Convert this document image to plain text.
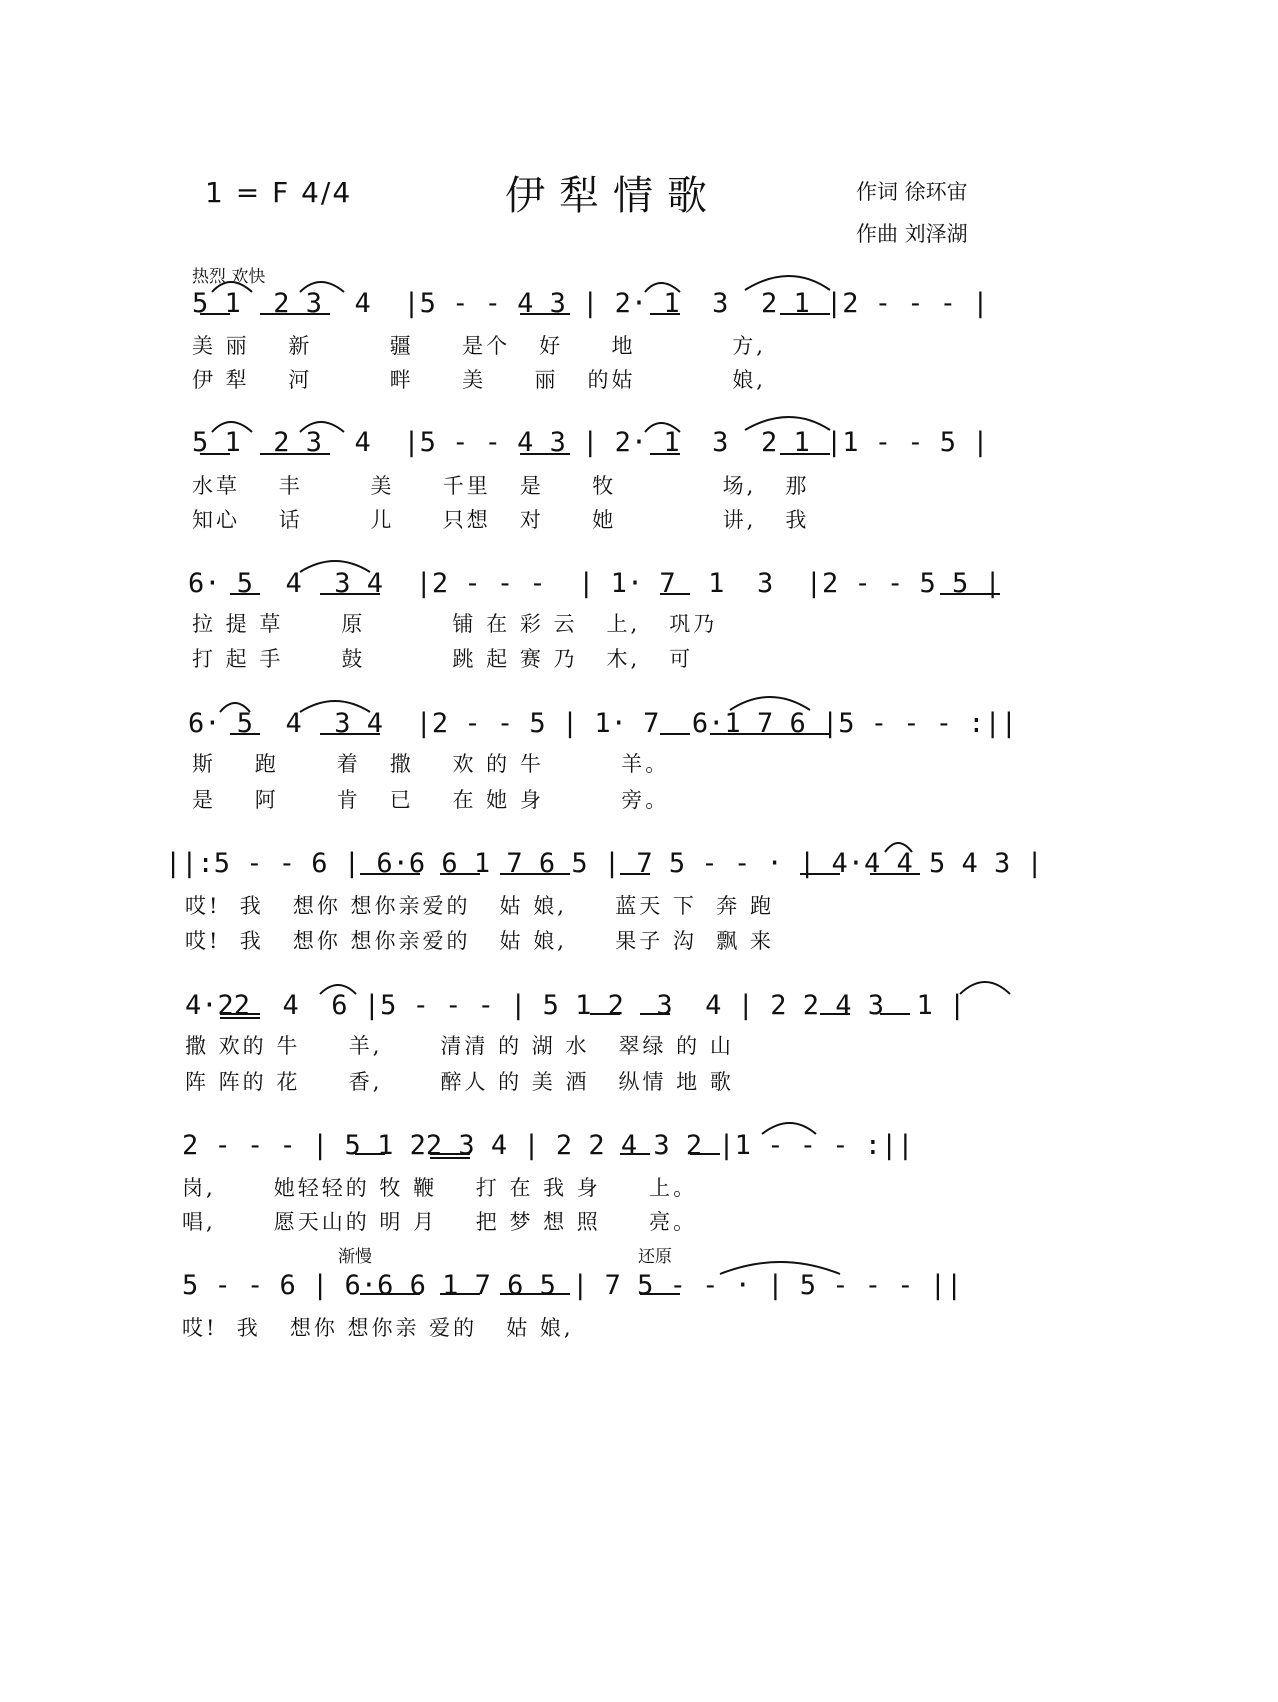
1 = F 4/4	伊犁情歌	作词 徐环宙
作曲 刘泽湖
热烈 欢快
5 1  2 3  4  |5 - - 4 3 | 2· 1  3  2 1 |2 - - - |
美 丽    新        疆     是个   好     地          方,
伊 犁    河        畔     美     丽   的姑          娘,
5 1  2 3  4  |5 - - 4 3 | 2· 1  3  2 1 |1 - - 5 |
水草    丰       美     千里   是     牧           场,   那
知心    话       儿     只想   对     她           讲,   我
6· 5  4  3 4  |2 - - -  | 1· 7  1  3  |2 - - 5 5 |
拉 提 草      原         铺 在 彩 云   上,   巩乃
打 起 手      鼓         跳 起 赛 乃   木,   可
6· 5  4  3 4  |2 - - 5 | 1· 7  6·1 7 6 |5 - - - :||
斯    跑      着   撒    欢 的 牛        羊。
是    阿      肯   已    在 她 身        旁。
||:5 - - 6 | 6·6 6 1 7 6 5 | 7 5 - - · | 4·4 4 5 4 3 |
哎!  我   想你 想你亲爱的   姑 娘,     蓝天 下  奔 跑
哎!  我   想你 想你亲爱的   姑 娘,     果子 沟  飘 来
4·22  4  6 |5 - - - | 5 1 2  3  4 | 2 2 4 3  1 |
撒 欢的 牛     羊,      清清 的 湖 水   翠绿 的 山
阵 阵的 花     香,      醉人 的 美 酒   纵情 地 歌
2 - - - | 5 1 22 3 4 | 2 2 4 3 2 |1 - - - :||
岗,      她轻轻的 牧 鞭    打 在 我 身     上。
唱,      愿天山的 明 月    把 梦 想 照     亮。
渐慢	还原
5 - - 6 | 6·6 6 1 7 6 5 | 7 5 - - · | 5 - - - ||
哎!  我   想你 想你亲 爱的   姑 娘,
